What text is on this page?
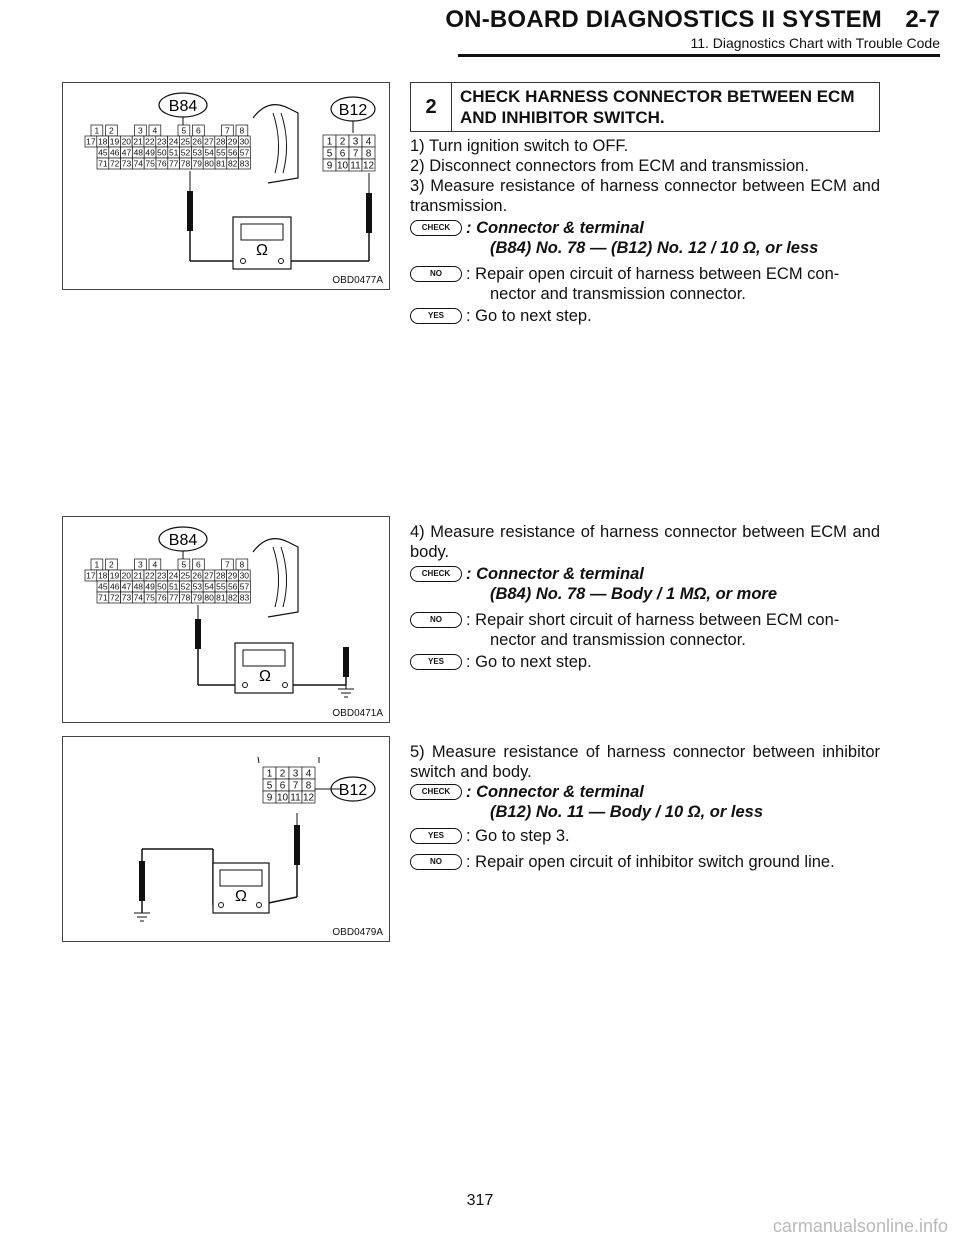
ON-BOARD DIAGNOSTICS II SYSTEM 2-7
11. Diagnostics Chart with Trouble Code
B84
1 2	3 4	5 6	7 8
17 18 19 20 21 22 23 24 25 26 27 28 29 30
45 46 47 48 49 50 51 52 53 54 55 56 57
71 72 73 74 75 76 77 78 79 80 81 82 83
B12
1 2 3 4
5 6 7 8
9 10 11 12
Ω
OBD0477A
2	CHECK HARNESS CONNECTOR BETWEEN ECM AND INHIBITOR SWITCH.
1) Turn ignition switch to OFF.
2) Disconnect connectors from ECM and transmission.
3) Measure resistance of harness connector between ECM and transmission.
CHECK : Connector & terminal
(B84) No. 78 — (B12) No. 12 / 10 Ω, or less
NO	: Repair open circuit of harness between ECM con-
nector and transmission connector.
YES	: Go to next step.
B84
1 2	3 4	5 6	7 8
17 18 19 20 21 22 23 24 25 26 27 28 29 30
45 46 47 48 49 50 51 52 53 54 55 56 57
71 72 73 74 75 76 77 78 79 80 81 82 83
Ω
OBD0471A
4) Measure resistance of harness connector between ECM and body.
CHECK : Connector & terminal
(B84) No. 78 — Body / 1 MΩ, or more
NO	: Repair short circuit of harness between ECM con-
nector and transmission connector.
YES	: Go to next step.
1 2 3 4
5 6 7 8
9 10 11 12 B12
Ω
OBD0479A
5) Measure resistance of harness connector between inhibitor switch and body.
CHECK : Connector & terminal
(B12) No. 11 — Body / 10 Ω, or less
YES	: Go to step 3.
NO	: Repair open circuit of inhibitor switch ground line.
317
carmanualsonline.info
